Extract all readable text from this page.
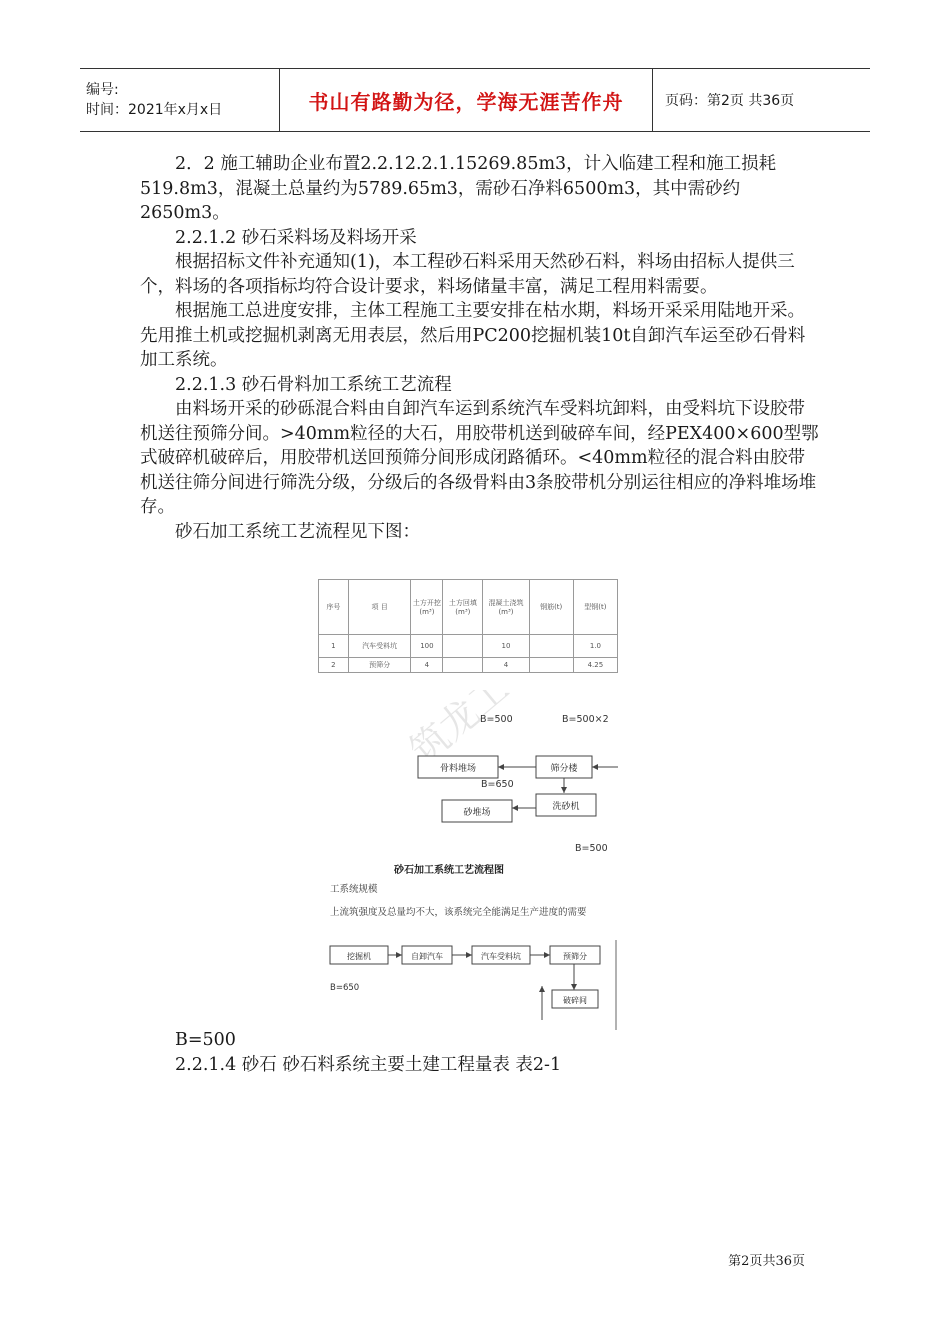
编号:
时间：2021年x月x日	书山有路勤为径，学海无涯苦作舟	页码：第2页 共36页

2．2 施工辅助企业布置2.2.12.2.1.15269.85m3，计入临建工程和施工损耗519.8m3，混凝土总量约为5789.65m3，需砂石净料6500m3，其中需砂约2650m3。

2.2.1.2 砂石采料场及料场开采

根据招标文件补充通知(1)，本工程砂石料采用天然砂石料，料场由招标人提供三个，料场的各项指标均符合设计要求，料场储量丰富，满足工程用料需要。

根据施工总进度安排，主体工程施工主要安排在枯水期，料场开采采用陆地开采。先用推土机或挖掘机剥离无用表层，然后用PC200挖掘机装10t自卸汽车运至砂石骨料加工系统。

2.2.1.3 砂石骨料加工系统工艺流程

由料场开采的砂砾混合料由自卸汽车运到系统汽车受料坑卸料，由受料坑下设胶带机送往预筛分间。>40mm粒径的大石，用胶带机送到破碎车间，经PEX400×600型鄂式破碎机破碎后，用胶带机送回预筛分间形成闭路循环。<40mm粒径的混合料由胶带机送往筛分间进行筛洗分级，分级后的各级骨料由3条胶带机分别运往相应的净料堆场堆存。

砂石加工系统工艺流程见下图：

序号	项 目	土方开挖(m³)	土方回填(m³)	混凝土浇筑(m³)	钢筋(t)	型钢(t)
1	汽车受料坑	100		10		1.0
2	预筛分	4		4		4.25
B=500	B=500×2
骨料堆场	筛分楼
B=650
洗砂机
砂堆场
B=500
砂石加工系统工艺流程图
工系统规模
上流筑强度及总量均不大，该系统完全能满足生产进度的需要
挖掘机	自卸汽车	汽车受料坑	预筛分
B=650
破碎间

B=500

2.2.1.4 砂石 砂石料系统主要土建工程量表 表2-1

第2页共36页
